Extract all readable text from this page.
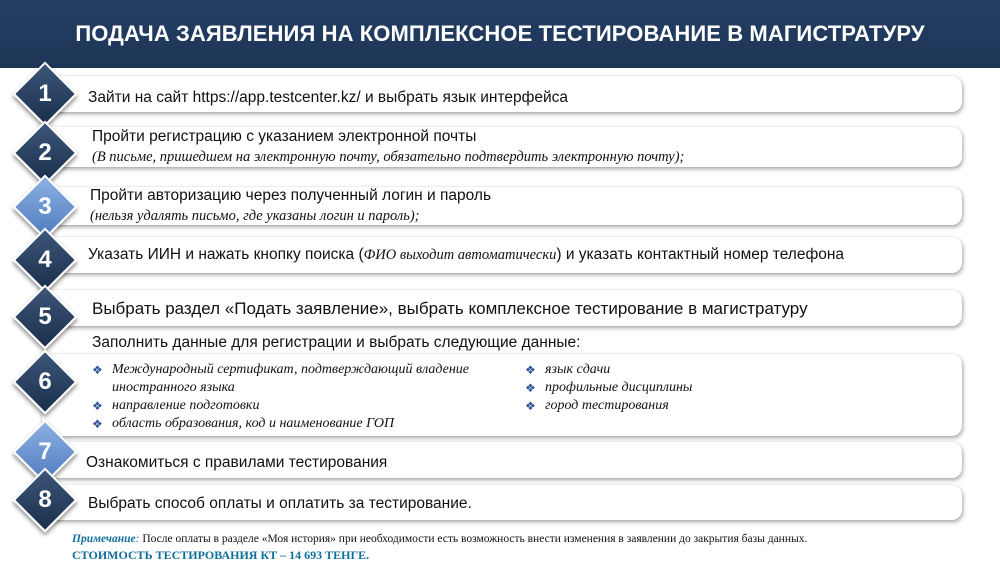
ПОДАЧА ЗАЯВЛЕНИЯ НА КОМПЛЕКСНОЕ ТЕСТИРОВАНИЕ В МАГИСТРАТУРУ
Зайти на сайт https://app.testcenter.kz/ и выбрать язык интерфейса
1
Пройти регистрацию с указанием электронной почты
(В письме, пришедшем на электронную почту, обязательно подтвердить электронную почту);
2
Пройти авторизацию через полученный логин и пароль
(нельзя удалять письмо, где указаны логин и пароль);
3
Указать ИИН и нажать кнопку поиска (ФИО выходит автоматически) и указать контактный номер телефона
4
Выбрать раздел «Подать заявление», выбрать комплексное тестирование в магистратуру
5
Заполнить данные для регистрации и выбрать следующие данные:
❖ Международный сертификат, подтверждающий владение иностранного языка
❖ направление подготовки
❖ область образования, код и наименование ГОП
❖ язык сдачи
❖ профильные дисциплины
❖ город тестирования
6
Ознакомиться с правилами тестирования
7
Выбрать способ оплаты и оплатить за тестирование.
8
Примечание: После оплаты в разделе «Моя история» при необходимости есть возможность внести изменения в заявлении до закрытия базы данных.
СТОИМОСТЬ ТЕСТИРОВАНИЯ КТ – 14 693 ТЕНГЕ.
